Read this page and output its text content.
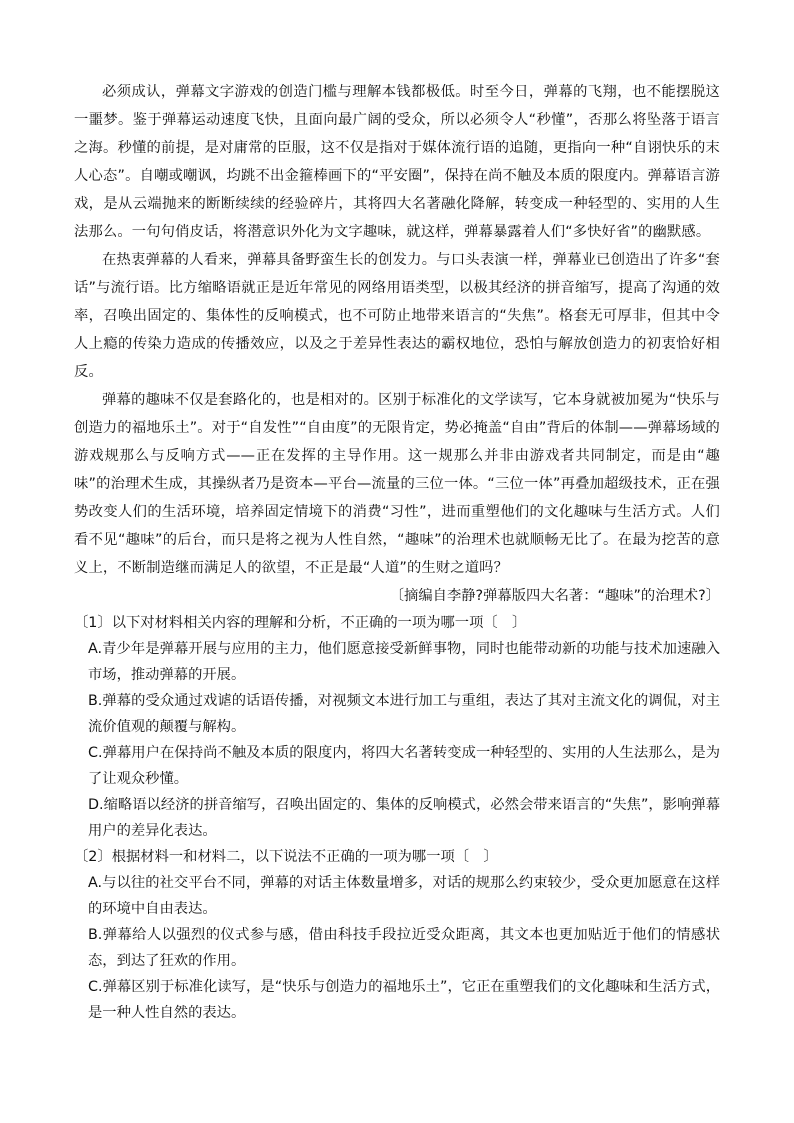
必须成认，弹幕文字游戏的创造门槛与理解本钱都极低。时至今日，弹幕的飞翔，也不能摆脱这一噩梦。鉴于弹幕运动速度飞快，且面向最广阔的受众，所以必须令人“秒懂”，否那么将坠落于语言之海。秒懂的前提，是对庸常的臣服，这不仅是指对于媒体流行语的追随，更指向一种“自诩快乐的末人心态”。自嘲或嘲讽，均跳不出金箍棒画下的“平安圈”，保持在尚不触及本质的限度内。弹幕语言游戏，是从云端抛来的断断续续的经验碎片，其将四大名著融化降解，转变成一种轻型的、实用的人生法那么。一句句俏皮话，将潜意识外化为文字趣味，就这样，弹幕暴露着人们“多快好省”的幽默感。

在热衷弹幕的人看来，弹幕具备野蛮生长的创发力。与口头表演一样，弹幕业已创造出了许多“套话”与流行语。比方缩略语就正是近年常见的网络用语类型，以极其经济的拼音缩写，提高了沟通的效率，召唤出固定的、集体性的反响模式，也不可防止地带来语言的“失焦”。格套无可厚非，但其中令人上瘾的传染力造成的传播效应，以及之于差异性表达的霸权地位，恐怕与解放创造力的初衷恰好相反。

弹幕的趣味不仅是套路化的，也是相对的。区别于标准化的文学读写，它本身就被加冕为“快乐与创造力的福地乐土”。对于“自发性”“自由度”的无限肯定，势必掩盖“自由”背后的体制——弹幕场域的游戏规那么与反响方式——正在发挥的主导作用。这一规那么并非由游戏者共同制定，而是由“趣味”的治理术生成，其操纵者乃是资本—平台—流量的三位一体。“三位一体”再叠加超级技术，正在强势改变人们的生活环境，培养固定情境下的消费“习性”，进而重塑他们的文化趣味与生活方式。人们看不见“趣味”的后台，而只是将之视为人性自然，“趣味”的治理术也就顺畅无比了。在最为挖苦的意义上，不断制造继而满足人的欲望，不正是最“人道”的生财之道吗？

〔摘编自李静?弹幕版四大名著：“趣味”的治理术?〕

〔1〕以下对材料相关内容的理解和分析，不正确的一项为哪一项〔　〕

A.青少年是弹幕开展与应用的主力，他们愿意接受新鲜事物，同时也能带动新的功能与技术加速融入市场，推动弹幕的开展。

B.弹幕的受众通过戏谑的话语传播，对视频文本进行加工与重组，表达了其对主流文化的调侃，对主流价值观的颠覆与解构。

C.弹幕用户在保持尚不触及本质的限度内，将四大名著转变成一种轻型的、实用的人生法那么，是为了让观众秒懂。

D.缩略语以经济的拼音缩写，召唤出固定的、集体的反响模式，必然会带来语言的“失焦”，影响弹幕用户的差异化表达。

〔2〕根据材料一和材料二，以下说法不正确的一项为哪一项〔　〕

A.与以往的社交平台不同，弹幕的对话主体数量增多，对话的规那么约束较少，受众更加愿意在这样的环境中自由表达。

B.弹幕给人以强烈的仪式参与感，借由科技手段拉近受众距离，其文本也更加贴近于他们的情感状态，到达了狂欢的作用。

C.弹幕区别于标准化读写，是“快乐与创造力的福地乐土”，它正在重塑我们的文化趣味和生活方式，是一种人性自然的表达。
